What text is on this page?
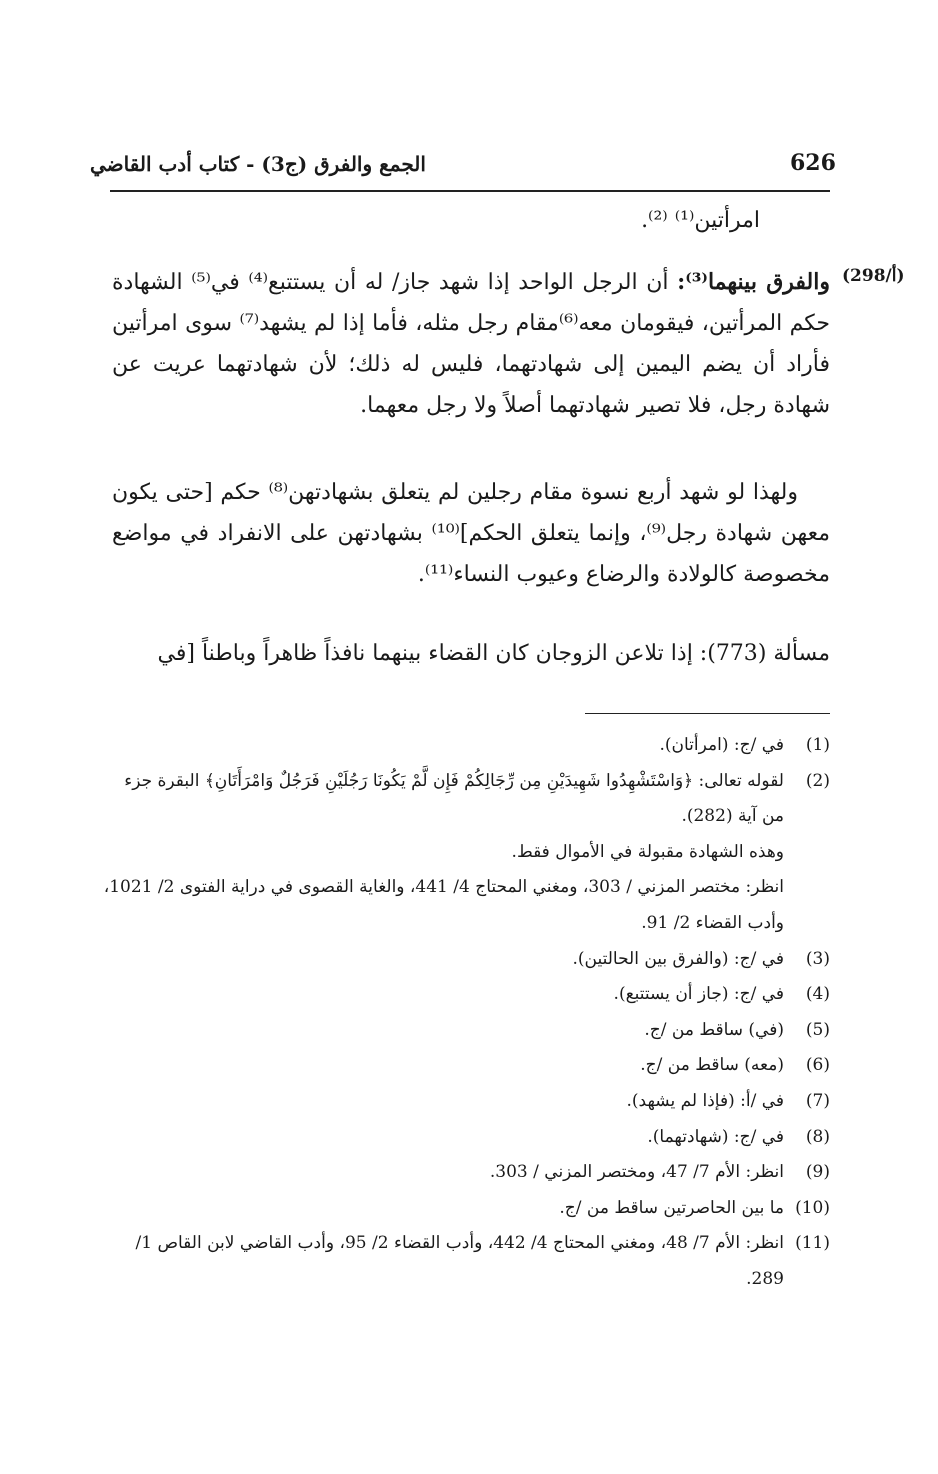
626
الجمع والفرق (ج3) - كتاب أدب القاضي
(298/أ)
امرأتين⁽¹⁾ ⁽²⁾.
والفرق بينهما⁽³⁾: أن الرجل الواحد إذا شهد جاز/ له أن يستتبع⁽⁴⁾ في⁽⁵⁾ الشهادة حكم المرأتين، فيقومان معه⁽⁶⁾مقام رجل مثله، فأما إذا لم يشهد⁽⁷⁾ سوى امرأتين فأراد أن يضم اليمين إلى شهادتهما، فليس له ذلك؛ لأن شهادتهما عريت عن شهادة رجل، فلا تصير شهادتهما أصلاً ولا رجل معهما.
ولهذا لو شهد أربع نسوة مقام رجلين لم يتعلق بشهادتهن⁽⁸⁾ حكم [حتى يكون معهن شهادة رجل⁽⁹⁾، وإنما يتعلق الحكم]⁽¹⁰⁾ بشهادتهن على الانفراد في مواضع مخصوصة كالولادة والرضاع وعيوب النساء⁽¹¹⁾.
مسألة (773): إذا تلاعن الزوجان كان القضاء بينهما نافذاً ظاهراً وباطناً [في
(1)
في /ج: (امرأتان).
(2)
لقوله تعالى: ﴿وَاسْتَشْهِدُوا شَهِيدَيْنِ مِن رِّجَالِكُمْ فَإِن لَّمْ يَكُونَا رَجُلَيْنِ فَرَجُلٌ وَامْرَأَتَانِ﴾ البقرة جزء من آية (282).
وهذه الشهادة مقبولة في الأموال فقط.
انظر: مختصر المزني / 303، ومغني المحتاج 4/ 441، والغاية القصوى في دراية الفتوى 2/ 1021، وأدب القضاء 2/ 91.
(3)
في /ج: (والفرق بين الحالتين).
(4)
في /ج: (جاز أن يستتبع).
(5)
(في) ساقط من /ج.
(6)
(معه) ساقط من /ج.
(7)
في /أ: (فإذا لم يشهد).
(8)
في /ج: (شهادتهما).
(9)
انظر: الأم 7/ 47، ومختصر المزني / 303.
(10)
ما بين الحاصرتين ساقط من /ج.
(11)
انظر: الأم 7/ 48، ومغني المحتاج 4/ 442، وأدب القضاء 2/ 95، وأدب القاضي لابن القاص 1/ 289.
